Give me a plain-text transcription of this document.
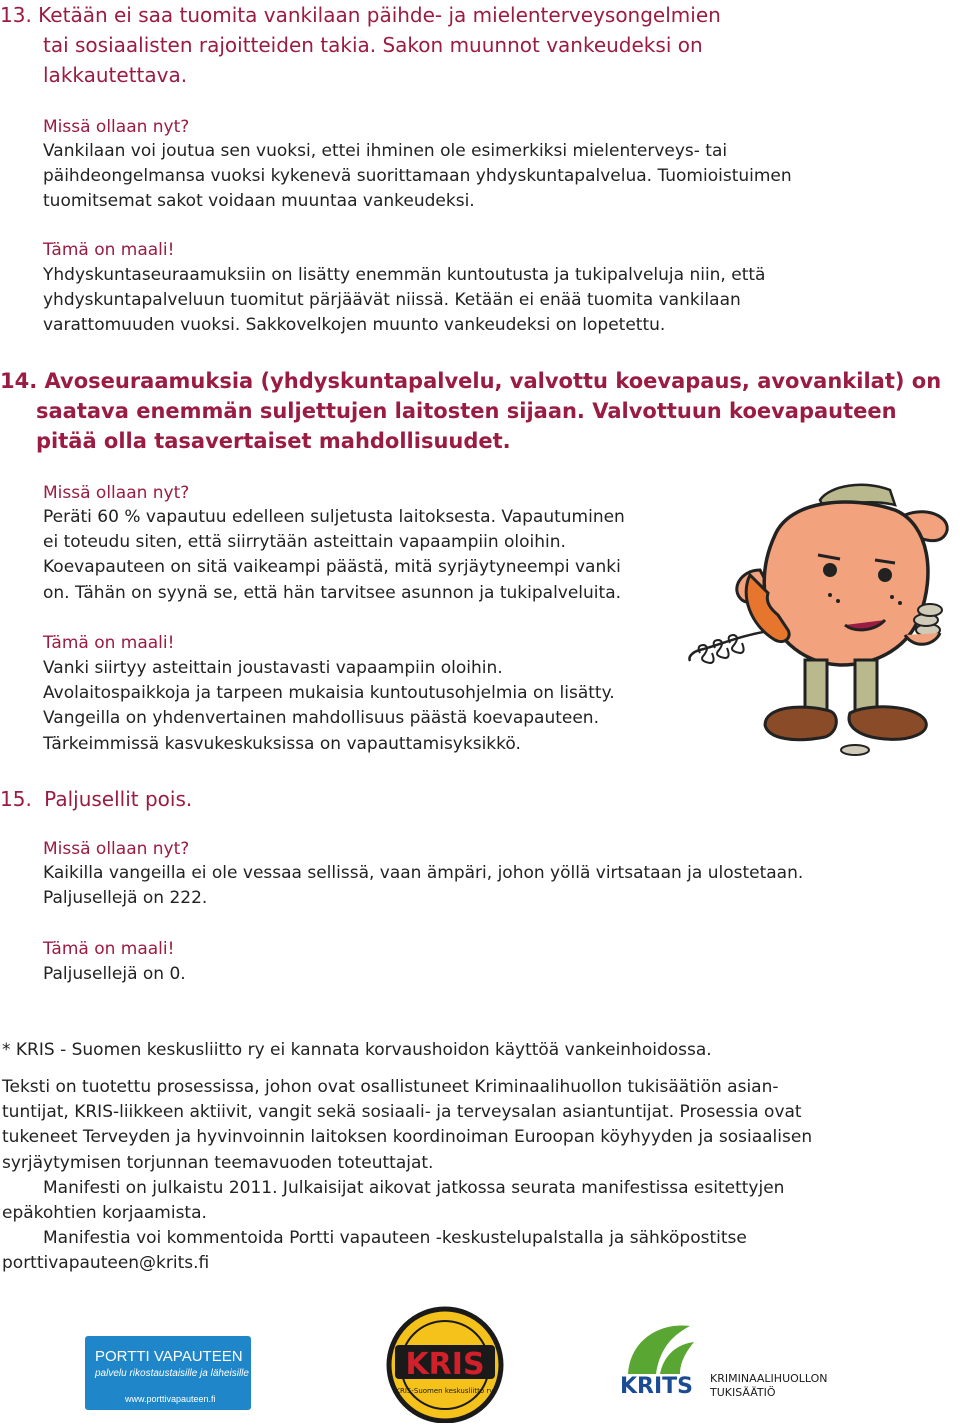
13. Ketään ei saa tuomita vankilaan päihde- ja mielenterveysongelmien
tai sosiaalisten rajoitteiden takia. Sakon muunnot vankeudeksi on
lakkautettava.
Missä ollaan nyt?
Vankilaan voi joutua sen vuoksi, ettei ihminen ole esimerkiksi mielenterveys- tai
päihdeongelmansa vuoksi kykenevä suorittamaan yhdyskuntapalvelua. Tuomioistuimen
tuomitsemat sakot voidaan muuntaa vankeudeksi.
Tämä on maali!
Yhdyskuntaseuraamuksiin on lisätty enemmän kuntoutusta ja tukipalveluja niin, että
yhdyskuntapalveluun tuomitut pärjäävät niissä. Ketään ei enää tuomita vankilaan
varattomuuden vuoksi. Sakkovelkojen muunto vankeudeksi on lopetettu.
14. Avoseuraamuksia (yhdyskuntapalvelu, valvottu koevapaus, avovankilat) on
saatava enemmän suljettujen laitosten sijaan. Valvottuun koevapauteen
pitää olla tasavertaiset mahdollisuudet.
Missä ollaan nyt?
Peräti 60 % vapautuu edelleen suljetusta laitoksesta. Vapautuminen
ei toteudu siten, että siirrytään asteittain vapaampiin oloihin.
Koevapauteen on sitä vaikeampi päästä, mitä syrjäytyneempi vanki
on. Tähän on syynä se, että hän tarvitsee asunnon ja tukipalveluita.
Tämä on maali!
Vanki siirtyy asteittain joustavasti vapaampiin oloihin.
Avolaitospaikkoja ja tarpeen mukaisia kuntoutusohjelmia on lisätty.
Vangeilla on yhdenvertainen mahdollisuus päästä koevapauteen.
Tärkeimmissä kasvukeskuksissa on vapauttamisyksikkö.
15. Paljusellit pois.
Missä ollaan nyt?
Kaikilla vangeilla ei ole vessaa sellissä, vaan ämpäri, johon yöllä virtsataan ja ulostetaan.
Paljusellejä on 222.
Tämä on maali!
Paljusellejä on 0.
* KRIS - Suomen keskusliitto ry ei kannata korvaushoidon käyttöä vankeinhoidossa.
Teksti on tuotettu prosessissa, johon ovat osallistuneet Kriminaalihuollon tukisäätiön asian-
tuntijat, KRIS-liikkeen aktiivit, vangit sekä sosiaali- ja terveysalan asiantuntijat. Prosessia ovat
tukeneet Terveyden ja hyvinvoinnin laitoksen koordinoiman Euroopan köyhyyden ja sosiaalisen
syrjäytymisen torjunnan teemavuoden toteuttajat.
Manifesti on julkaistu 2011. Julkaisijat aikovat jatkossa seurata manifestissa esitettyjen
epäkohtien korjaamista.
Manifestia voi kommentoida Portti vapauteen -keskustelupalstalla ja sähköpostitse
porttivapauteen@krits.fi
PORTTI VAPAUTEEN
palvelu rikostaustaisille ja läheisille
www.porttivapauteen.fi
KRIS
KRIS-Suomen keskusliitto ry.	KRITS KRIMINAALIHUOLLON
TUKISÄÄTIÖ
